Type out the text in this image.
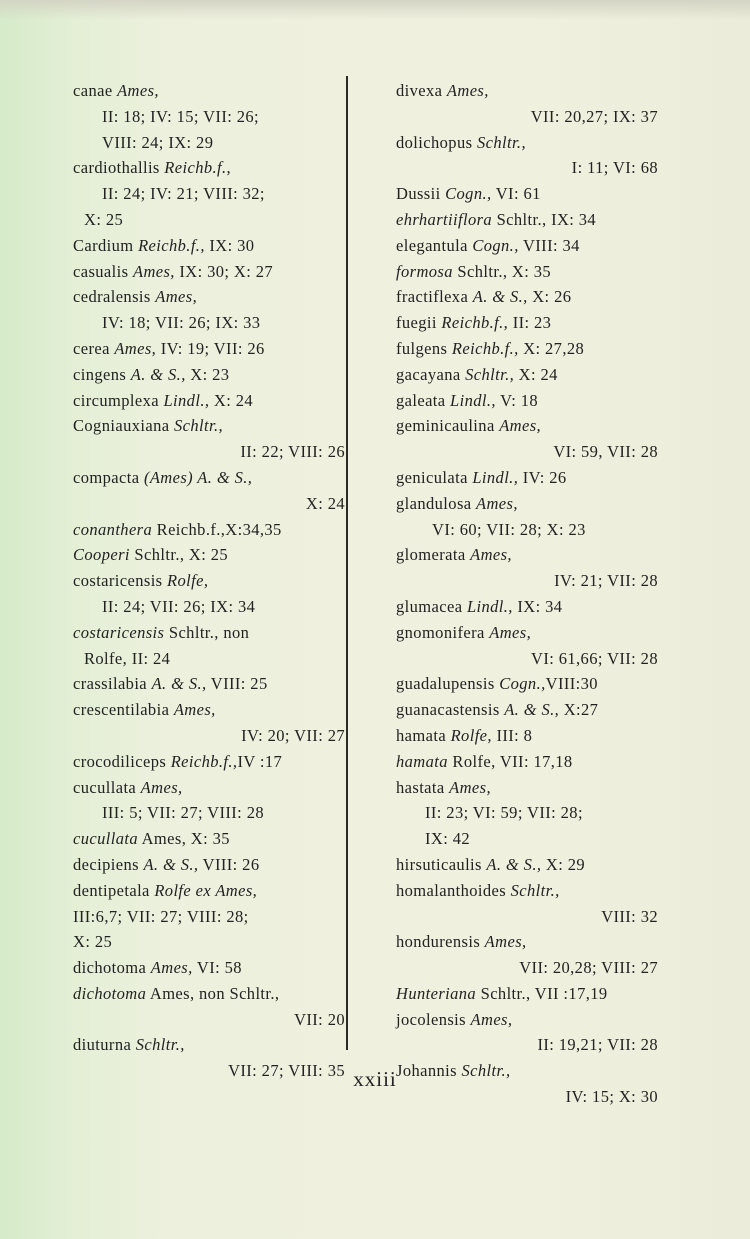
canae Ames,
II: 18; IV: 15; VII: 26;
VIII: 24; IX: 29
cardiothallis Reichb.f.,
II: 24; IV: 21; VIII: 32;
X: 25
Cardium Reichb.f., IX: 30
casualis Ames, IX: 30; X: 27
cedralensis Ames,
IV: 18; VII: 26; IX: 33
cerea Ames, IV: 19; VII: 26
cingens A. & S., X: 23
circumplexa Lindl., X: 24
Cogniauxiana Schltr.,
II: 22; VIII: 26
compacta (Ames) A. & S.,
X: 24
conanthera Reichb.f.,X:34,35
Cooperi Schltr., X: 25
costaricensis Rolfe,
II: 24; VII: 26; IX: 34
costaricensis Schltr., non
Rolfe, II: 24
crassilabia A. & S., VIII: 25
crescentilabia Ames,
IV: 20; VII: 27
crocodiliceps Reichb.f.,IV :17
cucullata Ames,
III: 5; VII: 27; VIII: 28
cucullata Ames, X: 35
decipiens A. & S., VIII: 26
dentipetala Rolfe ex Ames,
III:6,7; VII: 27; VIII: 28;
X: 25
dichotoma Ames, VI: 58
dichotoma Ames, non Schltr.,
VII: 20
diuturna Schltr.,
VII: 27; VIII: 35
divexa Ames,
VII: 20,27; IX: 37
dolichopus Schltr.,
I: 11; VI: 68
Dussii Cogn., VI: 61
ehrhartiiflora Schltr., IX: 34
elegantula Cogn., VIII: 34
formosa Schltr., X: 35
fractiflexa A. & S., X: 26
fuegii Reichb.f., II: 23
fulgens Reichb.f., X: 27,28
gacayana Schltr., X: 24
galeata Lindl., V: 18
geminicaulina Ames,
VI: 59, VII: 28
geniculata Lindl., IV: 26
glandulosa Ames,
VI: 60; VII: 28; X: 23
glomerata Ames,
IV: 21; VII: 28
glumacea Lindl., IX: 34
gnomonifera Ames,
VI: 61,66; VII: 28
guadalupensis Cogn.,VIII:30
guanacastensis A. & S., X:27
hamata Rolfe, III: 8
hamata Rolfe, VII: 17,18
hastata Ames,
II: 23; VI: 59; VII: 28;
IX: 42
hirsuticaulis A. & S., X: 29
homalanthoides Schltr.,
VIII: 32
hondurensis Ames,
VII: 20,28; VIII: 27
Hunteriana Schltr., VII :17,19
jocolensis Ames,
II: 19,21; VII: 28
Johannis Schltr.,
IV: 15; X: 30
xxiii
